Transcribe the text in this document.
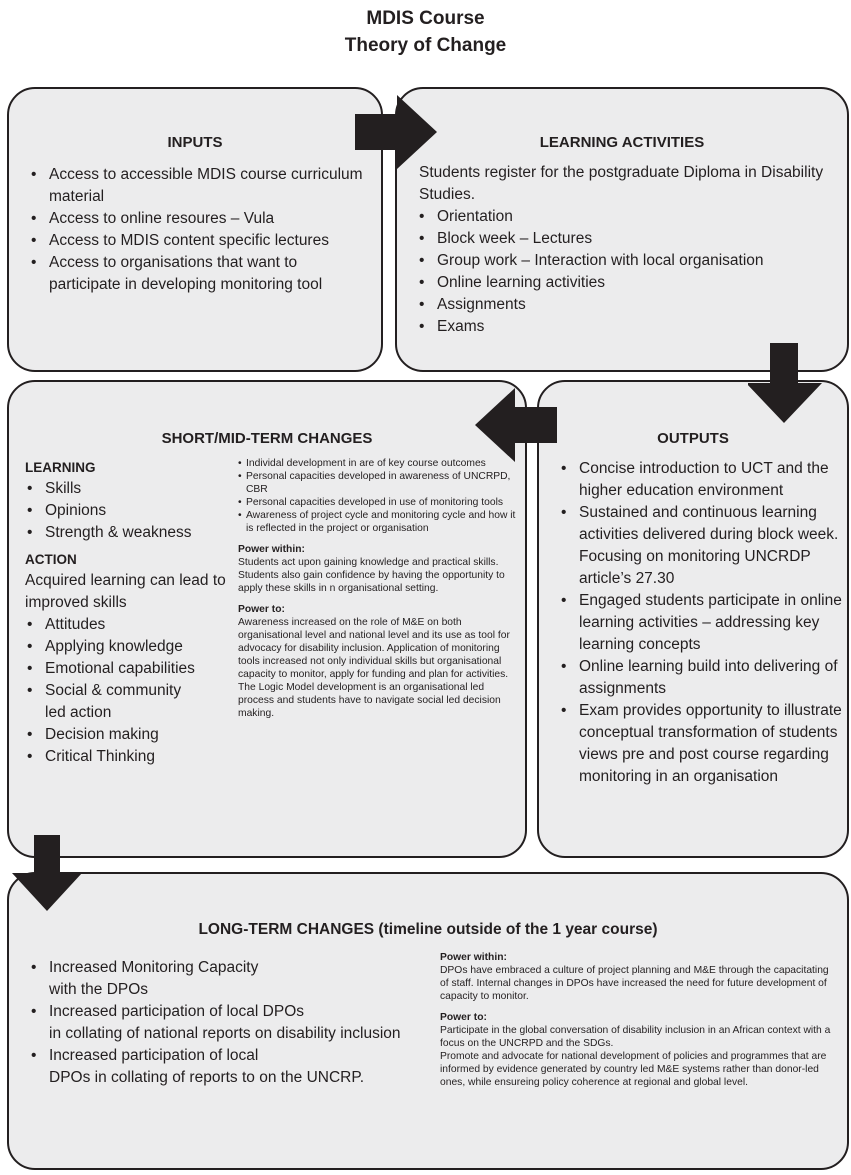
MDIS Course
Theory of Change
INPUTS
• Access to accessible MDIS course curriculum material
• Access to online resoures – Vula
• Access to MDIS content specific lectures
• Access to organisations that want to participate in developing monitoring tool
LEARNING ACTIVITIES
Students register for the postgraduate Diploma in Disability Studies.
• Orientation
• Block week – Lectures
• Group work – Interaction with local organisation
• Online learning activities
• Assignments
• Exams
SHORT/MID-TERM CHANGES
LEARNING
• Skills
• Opinions
• Strength & weakness
ACTION
Acquired learning can lead to improved skills
• Attitudes
• Applying knowledge
• Emotional capabilities
• Social & community led action
• Decision making
• Critical Thinking
• Individal development in are of key course outcomes
• Personal capacities developed in awareness of UNCRPD, CBR
• Personal capacities developed in use of monitoring tools
• Awareness of project cycle and monitoring cycle and how it is reflected in the project or organisation
Power within:
Students act upon gaining knowledge and practical skills. Students also gain confidence by having the opportunity to apply these skills in n organisational setting.
Power to:
Awareness increased on the role of M&E on both organisational level and national level and its use as tool for advocacy for disability inclusion. Application of monitoring tools increased not only individual skills but organisational capacity to monitor, apply for funding and plan for activities. The Logic Model development is an organisational led process and students have to navigate social led decision making.
OUTPUTS
• Concise introduction to UCT and the higher education environment
• Sustained and continuous learning activities delivered during block week. Focusing on monitoring UNCRDP article’s 27.30
• Engaged students participate in online learning activities – addressing key learning concepts
• Online learning build into delivering of assignments
• Exam provides opportunity to illustrate conceptual transformation of students views pre and post course regarding monitoring in an organisation
LONG-TERM CHANGES (timeline outside of the 1 year course)
• Increased Monitoring Capacity
with the DPOs
• Increased participation of local DPOs
in collating of national reports on disability inclusion
• Increased participation of local
DPOs in collating of reports to on the UNCRP.
Power within:
DPOs have embraced a culture of project planning and M&E through the capacitating of staff. Internal changes in DPOs have increased the need for future development of capacity to monitor.
Power to:
Participate in the global conversation of disability inclusion in an African context with a focus on the UNCRPD and the SDGs.
Promote and advocate for national development of policies and programmes that are informed by evidence generated by country led M&E systems rather than donor-led ones, while ensureing policy coherence at regional and global level.
